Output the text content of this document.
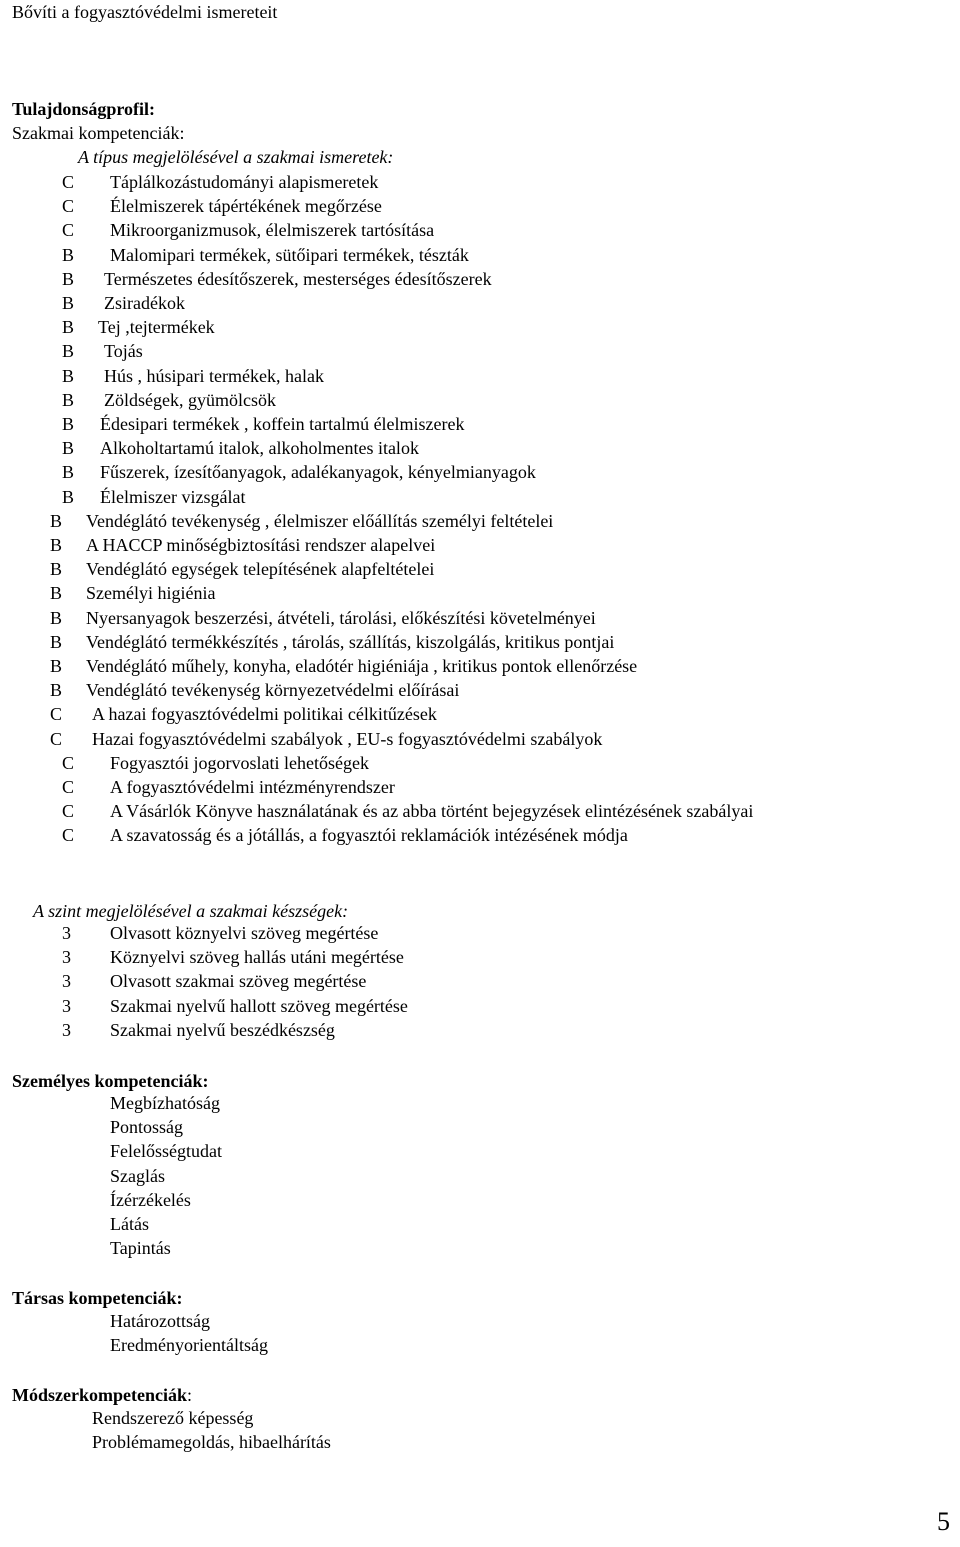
Bővíti a fogyasztóvédelmi ismereteit
Tulajdonságprofil:
Szakmai kompetenciák:
A típus megjelölésével a szakmai ismeretek:
C Táplálkozástudományi alapismeretek
C Élelmiszerek tápértékének megőrzése
C Mikroorganizmusok, élelmiszerek tartósítása
B Malomipari termékek, sütőipari termékek, tészták
B Természetes édesítőszerek, mesterséges édesítőszerek
B Zsiradékok
B Tej ,tejtermékek
B Tojás
B Hús , húsipari termékek, halak
B Zöldségek, gyümölcsök
B Édesipari termékek , koffein tartalmú élelmiszerek
B Alkoholtartamú italok, alkoholmentes italok
B Fűszerek, ízesítőanyagok, adalékanyagok, kényelmianyagok
B Élelmiszer vizsgálat
B Vendéglátó tevékenység , élelmiszer előállítás személyi feltételei
B A HACCP minőségbiztosítási rendszer alapelvei
B Vendéglátó egységek telepítésének alapfeltételei
B Személyi higiénia
B Nyersanyagok beszerzési, átvételi, tárolási, előkészítési követelményei
B Vendéglátó termékkészítés , tárolás, szállítás, kiszolgálás, kritikus pontjai
B Vendéglátó műhely, konyha, eladótér higiéniája , kritikus pontok ellenőrzése
B Vendéglátó tevékenység környezetvédelmi előírásai
C A hazai fogyasztóvédelmi politikai célkitűzések
C Hazai fogyasztóvédelmi szabályok , EU-s fogyasztóvédelmi szabályok
C Fogyasztói jogorvoslati lehetőségek
C A fogyasztóvédelmi intézményrendszer
C A Vásárlók Könyve használatának és az abba történt bejegyzések elintézésének szabályai
C A szavatosság és a jótállás, a fogyasztói reklamációk intézésének módja
A szint megjelölésével a szakmai készségek:
3 Olvasott köznyelvi szöveg megértése
3 Köznyelvi szöveg hallás utáni megértése
3 Olvasott szakmai szöveg megértése
3 Szakmai nyelvű hallott szöveg megértése
3 Szakmai nyelvű beszédkészség
Személyes kompetenciák:
Megbízhatóság
Pontosság
Felelősségtudat
Szaglás
Ízérzékelés
Látás
Tapintás
Társas kompetenciák:
Határozottság
Eredményorientáltság
Módszerkompetenciák:
Rendszerező képesség
Problémamegoldás, hibaelhárítás
5
